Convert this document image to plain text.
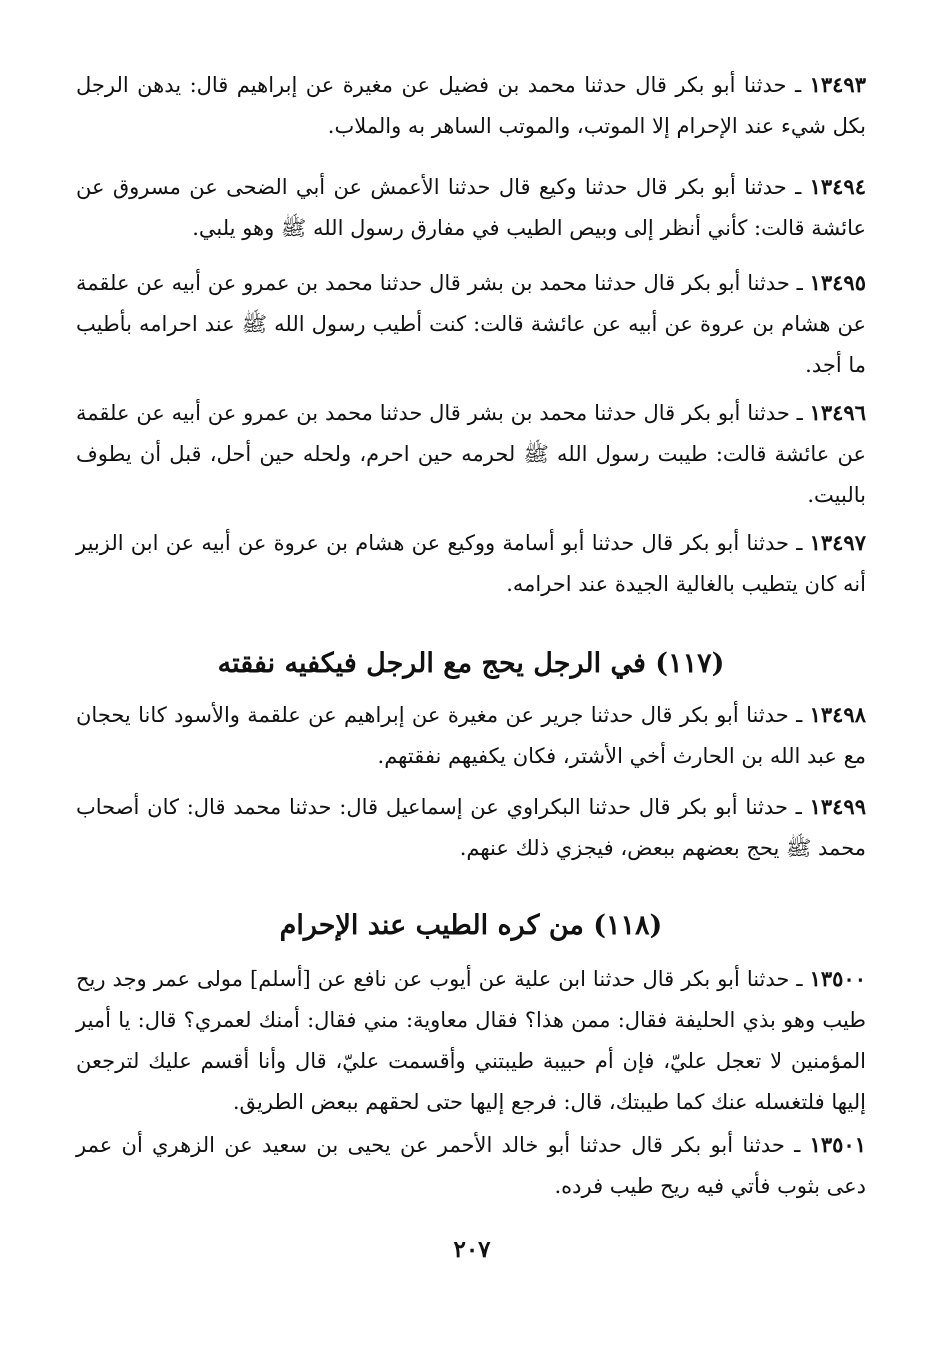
١٣٤٩٣ ـ حدثنا أبو بكر قال حدثنا محمد بن فضيل عن مغيرة عن إبراهيم قال: يدهن الرجل بكل شيء عند الإحرام إلا الموتب، والموتب الساهر به والملاب.

١٣٤٩٤ ـ حدثنا أبو بكر قال حدثنا وكيع قال حدثنا الأعمش عن أبي الضحى عن مسروق عن عائشة قالت: كأني أنظر إلى وبيص الطيب في مفارق رسول الله ﷺ وهو يلبي.

١٣٤٩٥ ـ حدثنا أبو بكر قال حدثنا محمد بن بشر قال حدثنا محمد بن عمرو عن أبيه عن علقمة عن هشام بن عروة عن أبيه عن عائشة قالت: كنت أطيب رسول الله ﷺ عند احرامه بأطيب ما أجد.

١٣٤٩٦ ـ حدثنا أبو بكر قال حدثنا محمد بن بشر قال حدثنا محمد بن عمرو عن أبيه عن علقمة عن عائشة قالت: طيبت رسول الله ﷺ لحرمه حين احرم، ولحله حين أحل، قبل أن يطوف بالبيت.

١٣٤٩٧ ـ حدثنا أبو بكر قال حدثنا أبو أسامة ووكيع عن هشام بن عروة عن أبيه عن ابن الزبير أنه كان يتطيب بالغالية الجيدة عند احرامه.

(١١٧) في الرجل يحج مع الرجل فيكفيه نفقته

١٣٤٩٨ ـ حدثنا أبو بكر قال حدثنا جرير عن مغيرة عن إبراهيم عن علقمة والأسود كانا يحجان مع عبد الله بن الحارث أخي الأشتر، فكان يكفيهم نفقتهم.

١٣٤٩٩ ـ حدثنا أبو بكر قال حدثنا البكراوي عن إسماعيل قال: حدثنا محمد قال: كان أصحاب محمد ﷺ يحج بعضهم ببعض، فيجزي ذلك عنهم.

(١١٨) من كره الطيب عند الإحرام

١٣٥٠٠ ـ حدثنا أبو بكر قال حدثنا ابن علية عن أيوب عن نافع عن [أسلم] مولى عمر وجد ريح طيب وهو بذي الحليفة فقال: ممن هذا؟ فقال معاوية: مني فقال: أمنك لعمري؟ قال: يا أمير المؤمنين لا تعجل عليّ، فإن أم حبيبة طيبتني وأقسمت عليّ، قال وأنا أقسم عليك لترجعن إليها فلتغسله عنك كما طيبتك، قال: فرجع إليها حتى لحقهم ببعض الطريق.

١٣٥٠١ ـ حدثنا أبو بكر قال حدثنا أبو خالد الأحمر عن يحيى بن سعيد عن الزهري أن عمر دعى بثوب فأتي فيه ريح طيب فرده.

٢٠٧
